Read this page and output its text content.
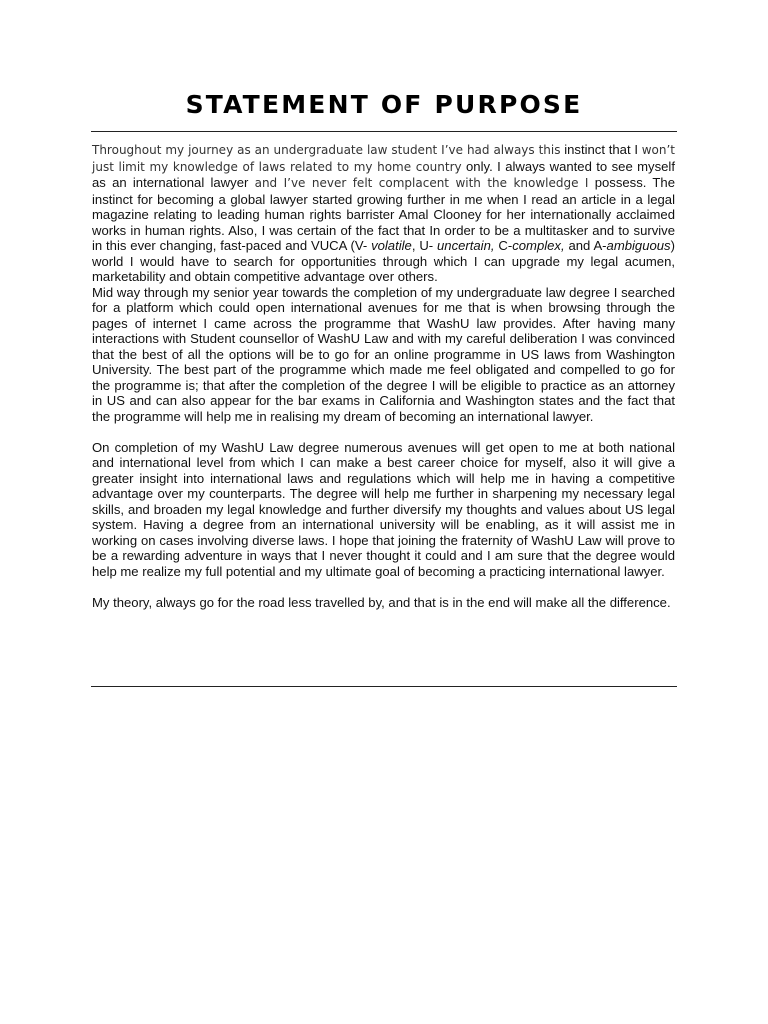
STATEMENT OF PURPOSE

Throughout my journey as an undergraduate law student I’ve had always this instinct that I won’t just limit my knowledge of laws related to my home country only. I always wanted to see myself as an international lawyer and I’ve never felt complacent with the knowledge I possess. The instinct for becoming a global lawyer started growing further in me when I read an article in a legal magazine relating to leading human rights barrister Amal Clooney for her internationally acclaimed works in human rights. Also, I was certain of the fact that In order to be a multitasker and to survive in this ever changing, fast-paced and VUCA (V- volatile, U- uncertain, C-complex, and A-ambiguous) world I would have to search for opportunities through which I can upgrade my legal acumen, marketability and obtain competitive advantage over others.

Mid way through my senior year towards the completion of my undergraduate law degree I searched for a platform which could open international avenues for me that is when browsing through the pages of internet I came across the programme that WashU law provides. After having many interactions with Student counsellor of WashU Law and with my careful deliberation I was convinced that the best of all the options will be to go for an online programme in US laws from Washington University. The best part of the programme which made me feel obligated and compelled to go for the programme is; that after the completion of the degree I will be eligible to practice as an attorney in US and can also appear for the bar exams in California and Washington states and the fact that the programme will help me in realising my dream of becoming an international lawyer.

On completion of my WashU Law degree numerous avenues will get open to me at both national and international level from which I can make a best career choice for myself, also it will give a greater insight into international laws and regulations which will help me in having a competitive advantage over my counterparts. The degree will help me further in sharpening my necessary legal skills, and broaden my legal knowledge and further diversify my thoughts and values about US legal system. Having a degree from an international university will be enabling, as it will assist me in working on cases involving diverse laws. I hope that joining the fraternity of WashU Law will prove to be a rewarding adventure in ways that I never thought it could and I am sure that the degree would help me realize my full potential and my ultimate goal of becoming a practicing international lawyer.

My theory, always go for the road less travelled by, and that is in the end will make all the difference.
